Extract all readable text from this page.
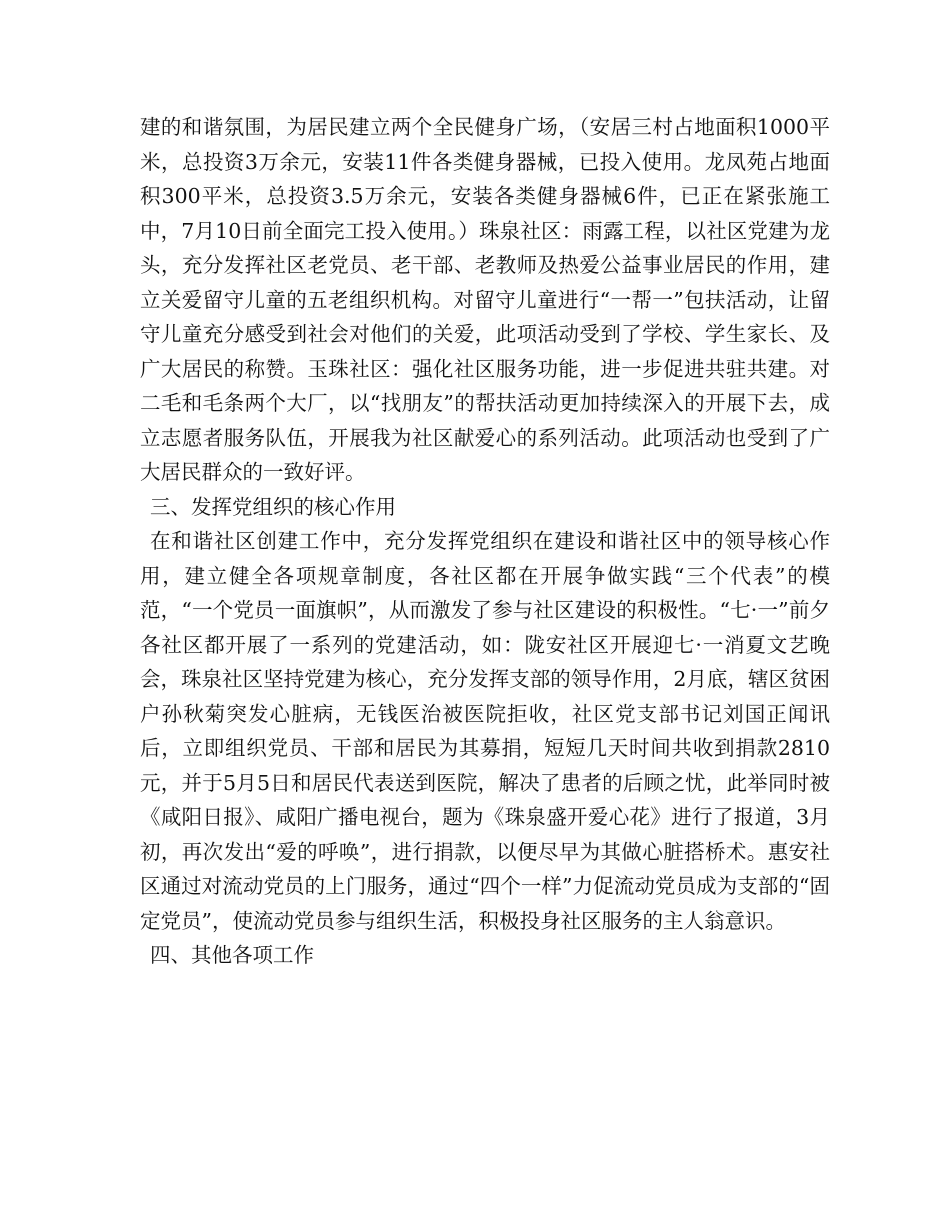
建的和谐氛围，为居民建立两个全民健身广场，（安居三村占地面积1000平米，总投资3万余元，安装11件各类健身器械，已投入使用。龙凤苑占地面积300平米，总投资3.5万余元，安装各类健身器械6件，已正在紧张施工中，7月10日前全面完工投入使用。）珠泉社区：雨露工程，以社区党建为龙头，充分发挥社区老党员、老干部、老教师及热爱公益事业居民的作用，建立关爱留守儿童的五老组织机构。对留守儿童进行“一帮一”包扶活动，让留守儿童充分感受到社会对他们的关爱，此项活动受到了学校、学生家长、及广大居民的称赞。玉珠社区：强化社区服务功能，进一步促进共驻共建。对二毛和毛条两个大厂，以“找朋友”的帮扶活动更加持续深入的开展下去，成立志愿者服务队伍，开展我为社区献爱心的系列活动。此项活动也受到了广大居民群众的一致好评。

三、发挥党组织的核心作用

在和谐社区创建工作中，充分发挥党组织在建设和谐社区中的领导核心作用，建立健全各项规章制度，各社区都在开展争做实践“三个代表”的模范，“一个党员一面旗帜”，从而激发了参与社区建设的积极性。“七·一”前夕各社区都开展了一系列的党建活动，如：陇安社区开展迎七·一消夏文艺晚会，珠泉社区坚持党建为核心，充分发挥支部的领导作用，2月底，辖区贫困户孙秋菊突发心脏病，无钱医治被医院拒收，社区党支部书记刘国正闻讯后，立即组织党员、干部和居民为其募捐，短短几天时间共收到捐款2810元，并于5月5日和居民代表送到医院，解决了患者的后顾之忧，此举同时被《咸阳日报》、咸阳广播电视台，题为《珠泉盛开爱心花》进行了报道，3月初，再次发出“爱的呼唤”，进行捐款，以便尽早为其做心脏搭桥术。惠安社区通过对流动党员的上门服务，通过“四个一样”力促流动党员成为支部的“固定党员”，使流动党员参与组织生活，积极投身社区服务的主人翁意识。

四、其他各项工作
